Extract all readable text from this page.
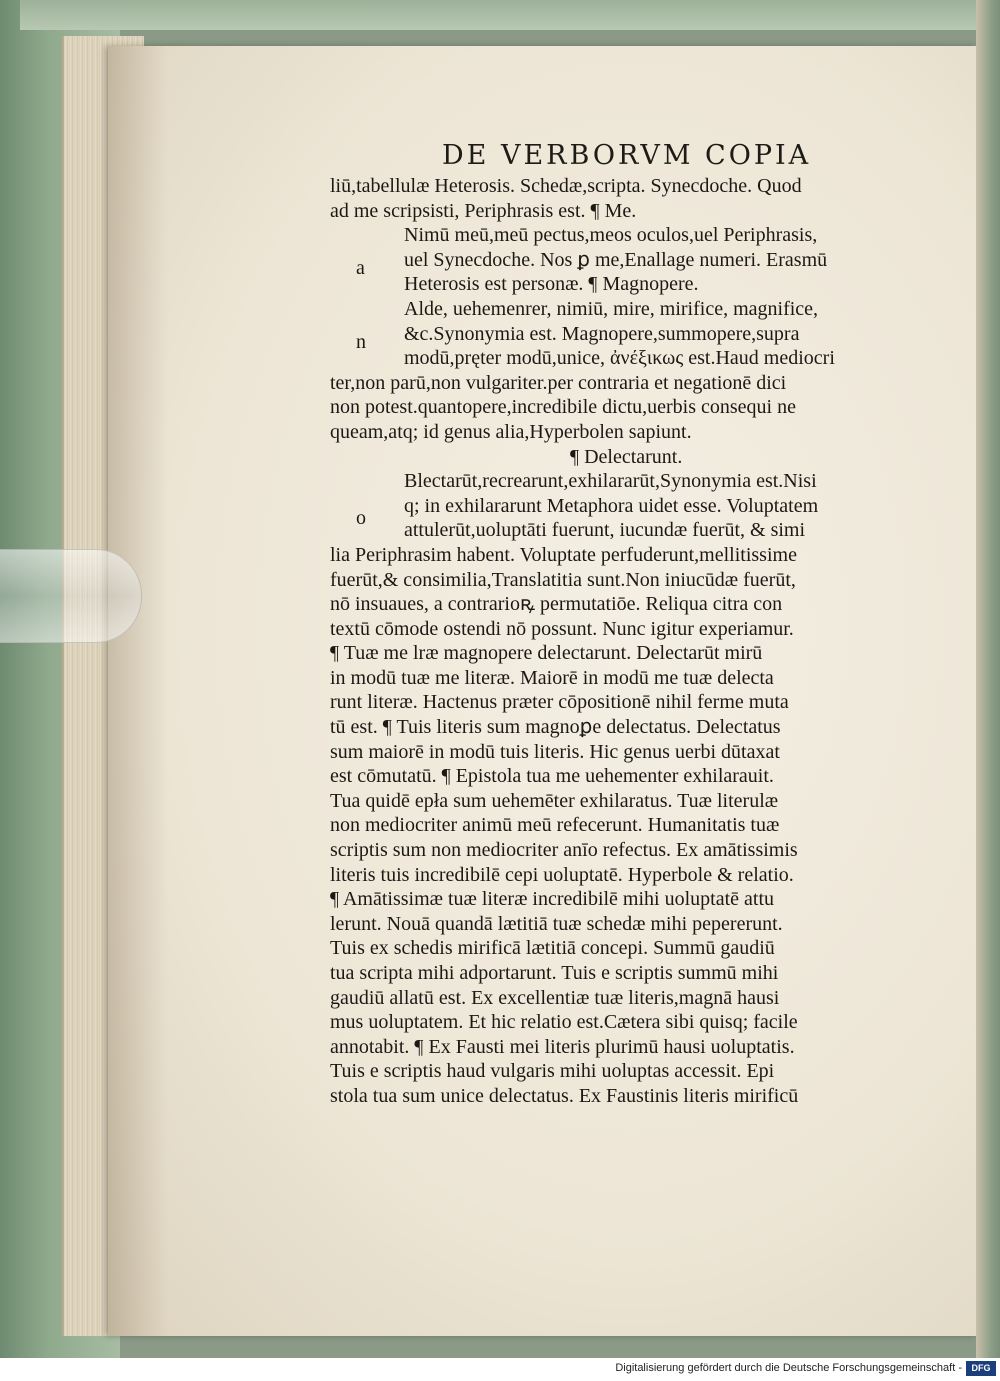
DE VERBORVM COPIA
a
n
o
liū,tabellulæ Heterosis. Schedæ,scripta. Synecdoche. Quod
ad me scripsisti, Periphrasis est. ¶ Me.
Nimū meū,meū pectus,meos oculos,uel Periphrasis,
uel Synecdoche. Nos ꝑ me,Enallage numeri. Erasmū
Heterosis est personæ. ¶ Magnopere.
Alde, uehemenrer, nimiū, mire, mirifice, magnifice,
&c.Synonymia est. Magnopere,summopere,supra
modū,pręter modū,unice, ἀνέξικως est.Haud mediocri
ter,non parū,non vulgariter.per contraria et negationē dici
non potest.quantopere,incredibile dictu,uerbis consequi ne
queam,atq; id genus alia,Hyperbolen sapiunt.
¶ Delectarunt.
Blectarūt,recrearunt,exhilararūt,Synonymia est.Nisi
q; in exhilararunt Metaphora uidet esse. Voluptatem
attulerūt,uoluptāti fuerunt, iucundæ fuerūt, & simi
lia Periphrasim habent. Voluptate perfuderunt,mellitissime
fuerūt,& consimilia,Translatitia sunt.Non iniucūdæ fuerūt,
nō insuaues, a contrarioꝶ permutatiōe. Reliqua citra con
textū cōmode ostendi nō possunt. Nunc igitur experiamur.
¶ Tuæ me lræ magnopere delectarunt. Delectarūt mirū
in modū tuæ me literæ. Maiorē in modū me tuæ delecta
runt literæ. Hactenus præter cōpositionē nihil ferme muta
tū est. ¶ Tuis literis sum magnoꝑe delectatus. Delectatus
sum maiorē in modū tuis literis. Hic genus uerbi dūtaxat
est cōmutatū. ¶ Epistola tua me uehementer exhilarauit.
Tua quidē epła sum uehemēter exhilaratus. Tuæ literulæ
non mediocriter animū meū refecerunt. Humanitatis tuæ
scriptis sum non mediocriter anīo refectus. Ex amātissimis
literis tuis incredibilē cepi uoluptatē. Hyperbole & relatio.
¶ Amātissimæ tuæ literæ incredibilē mihi uoluptatē attu
lerunt. Nouā quandā lætitiā tuæ schedæ mihi pepererunt.
Tuis ex schedis mirificā lætitiā concepi. Summū gaudiū
tua scripta mihi adportarunt. Tuis e scriptis summū mihi
gaudiū allatū est. Ex excellentiæ tuæ literis,magnā hausi
mus uoluptatem. Et hic relatio est.Cætera sibi quisq; facile
annotabit. ¶ Ex Fausti mei literis plurimū hausi uoluptatis.
Tuis e scriptis haud vulgaris mihi uoluptas accessit. Epi
stola tua sum unice delectatus. Ex Faustinis literis mirificū
Digitalisierung gefördert durch die Deutsche Forschungsgemeinschaft -	DFG
